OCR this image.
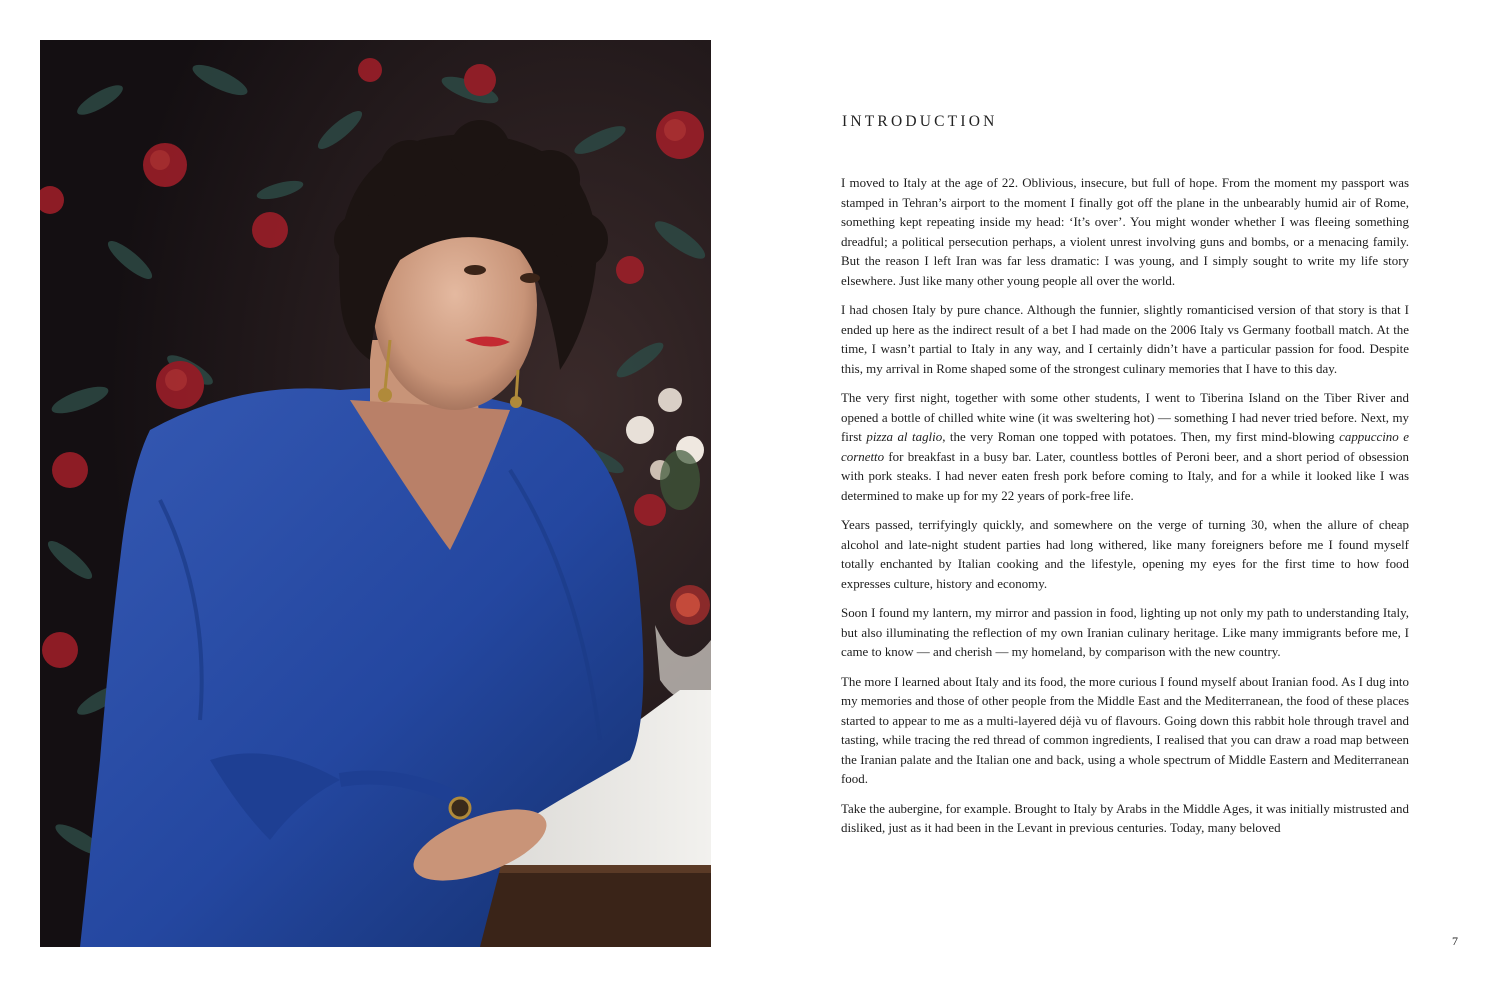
INTRODUCTION

I moved to Italy at the age of 22. Oblivious, insecure, but full of hope. From the moment my passport was stamped in Tehran’s airport to the moment I finally got off the plane in the unbearably humid air of Rome, something kept repeating inside my head: ‘It’s over’. You might wonder whether I was fleeing something dreadful; a political persecution perhaps, a violent unrest involving guns and bombs, or a menacing family. But the reason I left Iran was far less dramatic: I was young, and I simply sought to write my life story elsewhere. Just like many other young people all over the world.

I had chosen Italy by pure chance. Although the funnier, slightly romanticised version of that story is that I ended up here as the indirect result of a bet I had made on the 2006 Italy vs Germany football match. At the time, I wasn’t partial to Italy in any way, and I certainly didn’t have a particular passion for food. Despite this, my arrival in Rome shaped some of the strongest culinary memories that I have to this day.

The very first night, together with some other students, I went to Tiberina Island on the Tiber River and opened a bottle of chilled white wine (it was sweltering hot) — something I had never tried before. Next, my first pizza al taglio, the very Roman one topped with potatoes. Then, my first mind-blowing cappuccino e cornetto for breakfast in a busy bar. Later, countless bottles of Peroni beer, and a short period of obsession with pork steaks. I had never eaten fresh pork before coming to Italy, and for a while it looked like I was determined to make up for my 22 years of pork-free life.

Years passed, terrifyingly quickly, and somewhere on the verge of turning 30, when the allure of cheap alcohol and late-night student parties had long withered, like many foreigners before me I found myself totally enchanted by Italian cooking and the lifestyle, opening my eyes for the first time to how food expresses culture, history and economy.

Soon I found my lantern, my mirror and passion in food, lighting up not only my path to understanding Italy, but also illuminating the reflection of my own Iranian culinary heritage. Like many immigrants before me, I came to know — and cherish — my homeland, by comparison with the new country.

The more I learned about Italy and its food, the more curious I found myself about Iranian food. As I dug into my memories and those of other people from the Middle East and the Mediterranean, the food of these places started to appear to me as a multi-layered déjà vu of flavours. Going down this rabbit hole through travel and tasting, while tracing the red thread of common ingredients, I realised that you can draw a road map between the Iranian palate and the Italian one and back, using a whole spectrum of Middle Eastern and Mediterranean food.

Take the aubergine, for example. Brought to Italy by Arabs in the Middle Ages, it was initially mistrusted and disliked, just as it had been in the Levant in previous centuries. Today, many beloved

7
